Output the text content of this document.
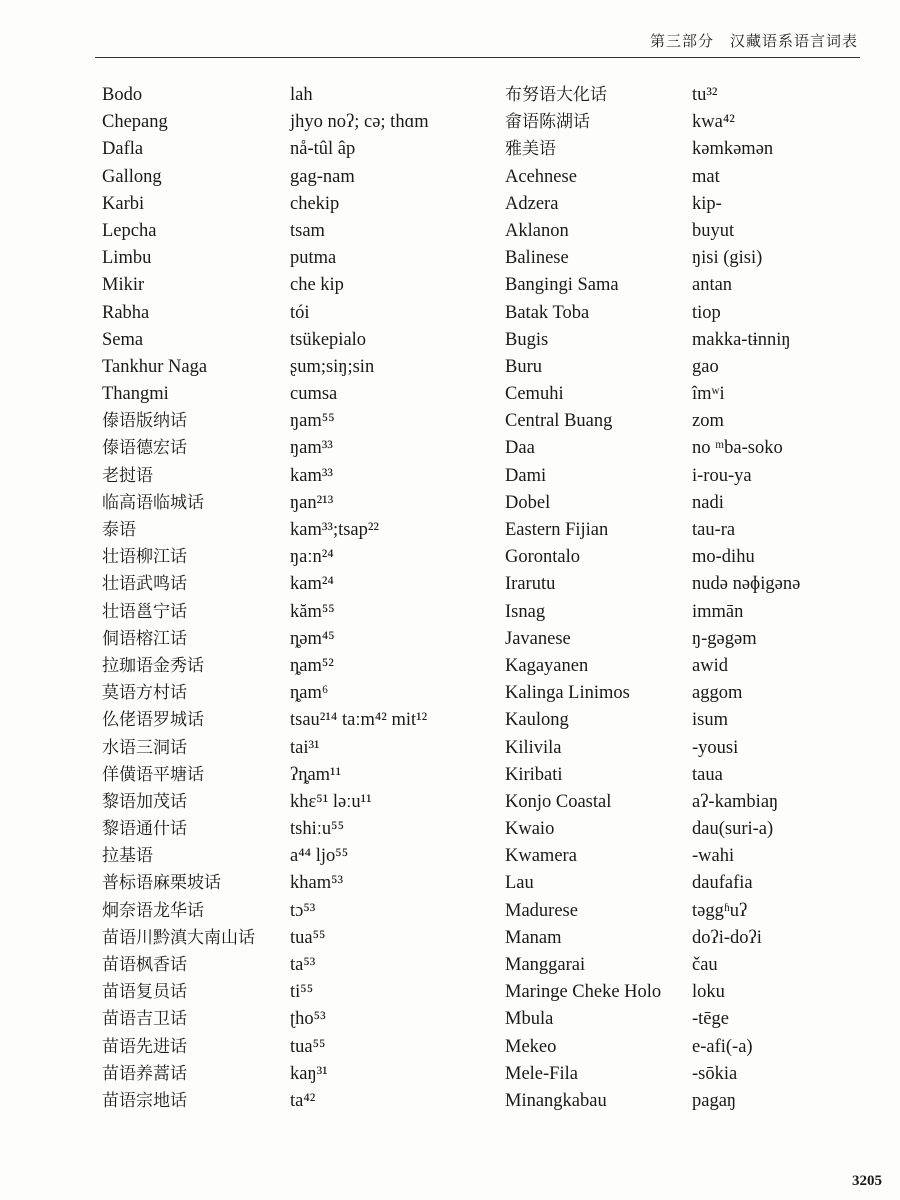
第三部分 汉藏语系语言词表
Bodo
Chepang
Dafla
Gallong
Karbi
Lepcha
Limbu
Mikir
Rabha
Sema
Tankhur Naga
Thangmi
傣语版纳话
傣语德宏话
老挝语
临高语临城话
泰语
壮语柳江话
壮语武鸣话
壮语邕宁话
侗语榕江话
拉珈语金秀话
莫语方村话
仫佬语罗城话
水语三洞话
佯僙语平塘话
黎语加茂话
黎语通什话
拉基语
普标语麻栗坡话
炯奈语龙华话
苗语川黔滇大南山话
苗语枫香话
苗语复员话
苗语吉卫话
苗语先进话
苗语养蒿话
苗语宗地话
lah
jhyo noʔ; cə; thɑm
nå-tûl âp
gag-nam
chekip
tsam
putma
che kip
tói
tsükepialo
ʂum;siŋ;sin
cumsa
ŋam⁵⁵
ŋam³³
kam³³
ŋan²¹³
kam³³;tsap²²
ŋaːn²⁴
kam²⁴
kăm⁵⁵
ȵəm⁴⁵
ȵam⁵²
ȵam⁶
tsau²¹⁴ taːm⁴² mit¹²
tai³¹
ʔȵam¹¹
khɛ⁵¹ ləːu¹¹
tshiːu⁵⁵
a⁴⁴ ljo⁵⁵
kham⁵³
tɔ⁵³
tua⁵⁵
ta⁵³
ti⁵⁵
ʈho⁵³
tua⁵⁵
kaŋ³¹
ta⁴²
布努语大化话
畲语陈湖话
雅美语
Acehnese
Adzera
Aklanon
Balinese
Bangingi Sama
Batak Toba
Bugis
Buru
Cemuhi
Central Buang
Daa
Dami
Dobel
Eastern Fijian
Gorontalo
Irarutu
Isnag
Javanese
Kagayanen
Kalinga Linimos
Kaulong
Kilivila
Kiribati
Konjo Coastal
Kwaio
Kwamera
Lau
Madurese
Manam
Manggarai
Maringe Cheke Holo
Mbula
Mekeo
Mele-Fila
Minangkabau
tu³²
kwa⁴²
kəmkəmən
mat
kip-
buyut
ŋisi (gisi)
antan
tiop
makka-tɨnniŋ
gao
îmʷi
zom
no ᵐba-soko
i-rou-ya
nadi
tau-ra
mo-dihu
nudə nəɸigənə
immān
ŋ-gəgəm
awid
aggom
isum
-yousi
taua
aʔ-kambiaŋ
dau(suri-a)
-wahi
daufafia
təggʱuʔ
doʔi-doʔi
čau
loku
-tēge
e-afi(-a)
-sōkia
pagaŋ
3205
